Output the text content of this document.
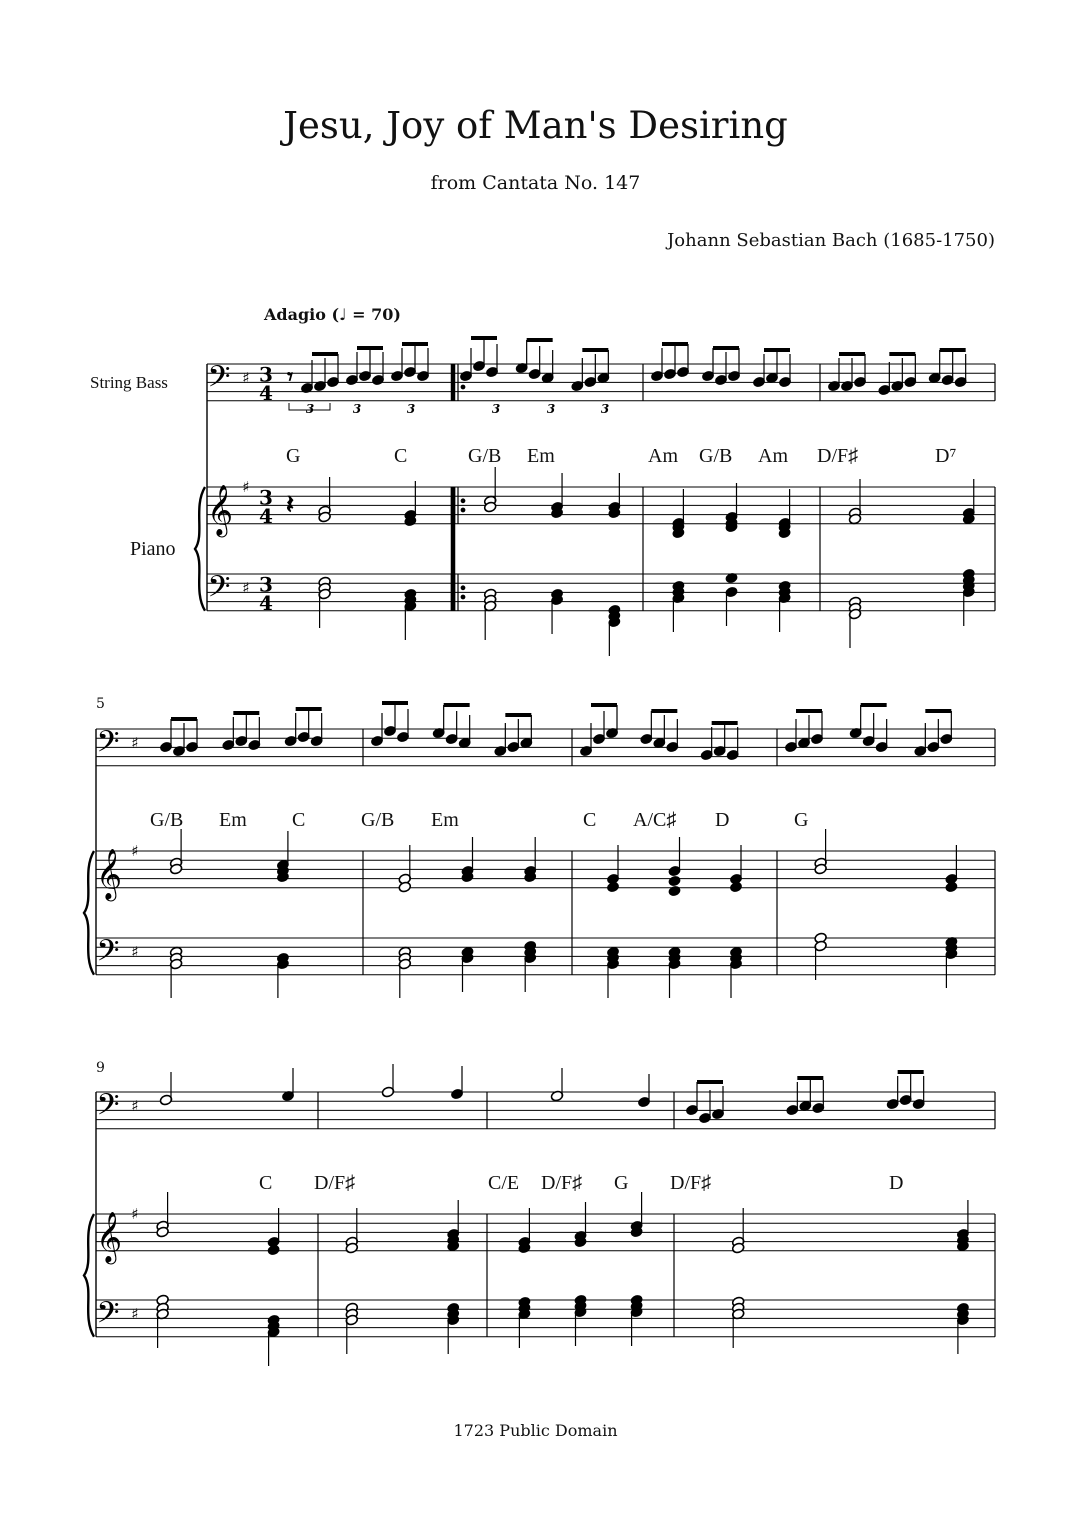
Jesu, Joy of Man's Desiring
from Cantata No. 147
Johann Sebastian Bach (1685-1750)
Adagio (♩ = 70)
String Bass
Piano
5
9
G	C	G/B Em	Am G/B Am D/F♯	D⁷
G/B Em C	G/B Em	C A/C♯ D	G
C D/F♯	C/E D/F♯ G D/F♯	D
1723 Public Domain
𝄢
𝄞
𝄢
♯
♯
♯
3
4
3
4
3
4
𝄢
𝄞
𝄢
♯
♯
♯
𝄢
𝄞
𝄢
♯
♯
♯
𝄽
𝄾
3	3	3	3	3	3
